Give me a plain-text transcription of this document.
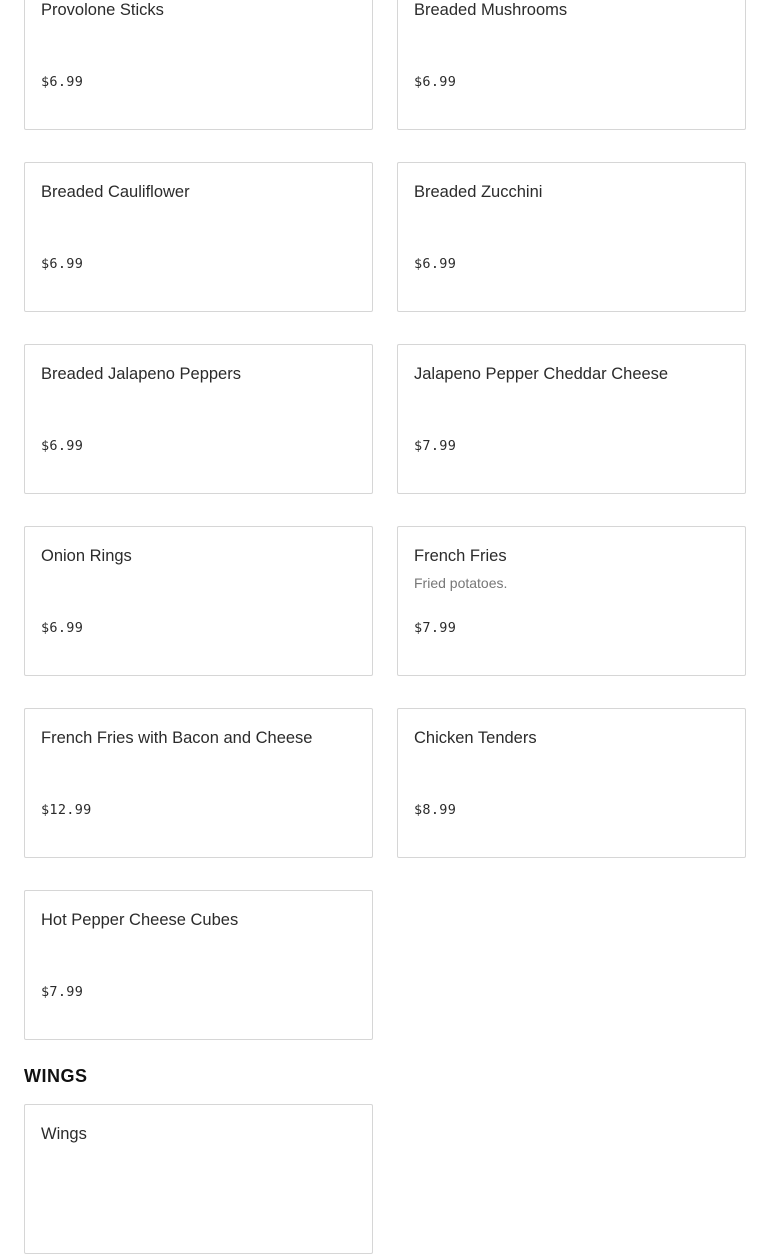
Provolone Sticks
$6.99
Breaded Mushrooms
$6.99
Breaded Cauliflower
$6.99
Breaded Zucchini
$6.99
Breaded Jalapeno Peppers
$6.99
Jalapeno Pepper Cheddar Cheese
$7.99
Onion Rings
$6.99
French Fries
Fried potatoes.
$7.99
French Fries with Bacon and Cheese
$12.99
Chicken Tenders
$8.99
Hot Pepper Cheese Cubes
$7.99
WINGS
Wings
